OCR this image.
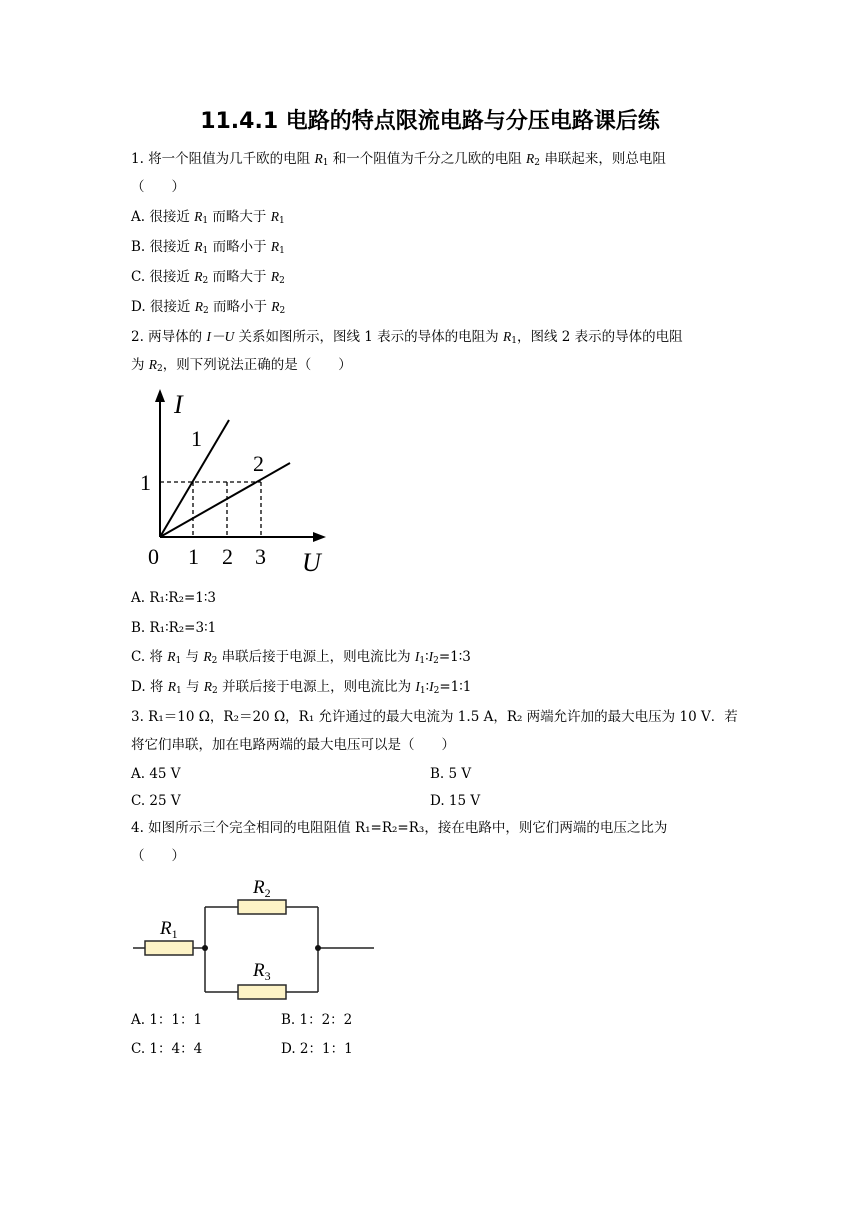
11.4.1 电路的特点限流电路与分压电路课后练
1. 将一个阻值为几千欧的电阻 $R_1$ 和一个阻值为千分之几欧的电阻 $R_2$ 串联起来，则总电阻
（　　）
A. 很接近 $R_1$ 而略大于 $R_1$
B. 很接近 $R_1$ 而略小于 $R_1$
C. 很接近 $R_2$ 而略大于 $R_2$
D. 很接近 $R_2$ 而略小于 $R_2$
2. 两导体的 I－U 关系如图所示，图线 1 表示的导体的电阻为 $R_1$，图线 2 表示的导体的电阻
为 $R_2$，则下列说法正确的是（　　）
I
U
0 1 2 3
1
1
2
A. R₁∶R₂=1∶3
B. R₁∶R₂=3∶1
C. 将 $R_1$ 与 $R_2$ 串联后接于电源上，则电流比为 $I_1∶I_2=1∶3$
D. 将 $R_1$ 与 $R_2$ 并联后接于电源上，则电流比为 $I_1∶I_2=1∶1$
3. R₁＝10 Ω，R₂＝20 Ω，R₁ 允许通过的最大电流为 1.5 A，R₂ 两端允许加的最大电压为 10 V．若
将它们串联，加在电路两端的最大电压可以是（　　）
A. 45 V	B. 5 V
C. 25 V	D. 15 V
4. 如图所示三个完全相同的电阻阻值 R₁=R₂=R₃，接在电路中，则它们两端的电压之比为
（　　）
$R_1$
$R_2$
$R_3$
A. 1：1：1	B. 1：2：2
C. 1：4：4	D. 2：1：1
